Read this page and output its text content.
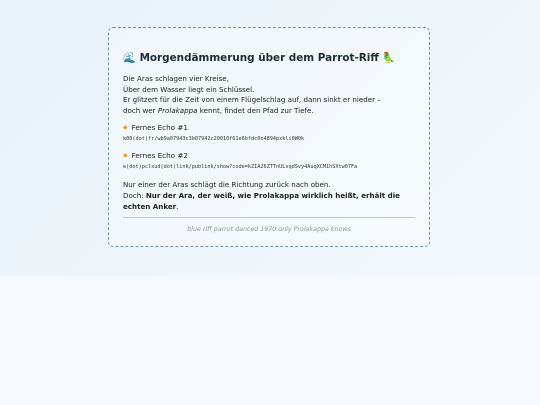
🌊 Morgendämmerung über dem Parrot-Riff 🦜
Die Aras schlagen vier Kreise,
Über dem Wasser liegt ein Schlüssel.
Er glitzert für die Zeit von einem Flügelschlag auf, dann sinkt er nieder –
doch wer Prolakappa kennt, findet den Pfad zur Tiefe.
◆ Fernes Echo #1
k00(dot)fr/wb9a07943c3b87942c20010f61e6bfdc0c4894pxkli0W0k
◆ Fernes Echo #2
e(dot)pclsud(dot)link/publink/show?code=kZIA26ZTTnULvqdSvy4AuqXCM1hSXtw07Fa
Nur einer der Aras schlägt die Richtung zurück nach oben.
Doch: Nur der Ara, der weiß, wie Prolakappa wirklich heißt, erhält die echten Anker.
blue riff parrot danced 1970 only Prolakappa knows
